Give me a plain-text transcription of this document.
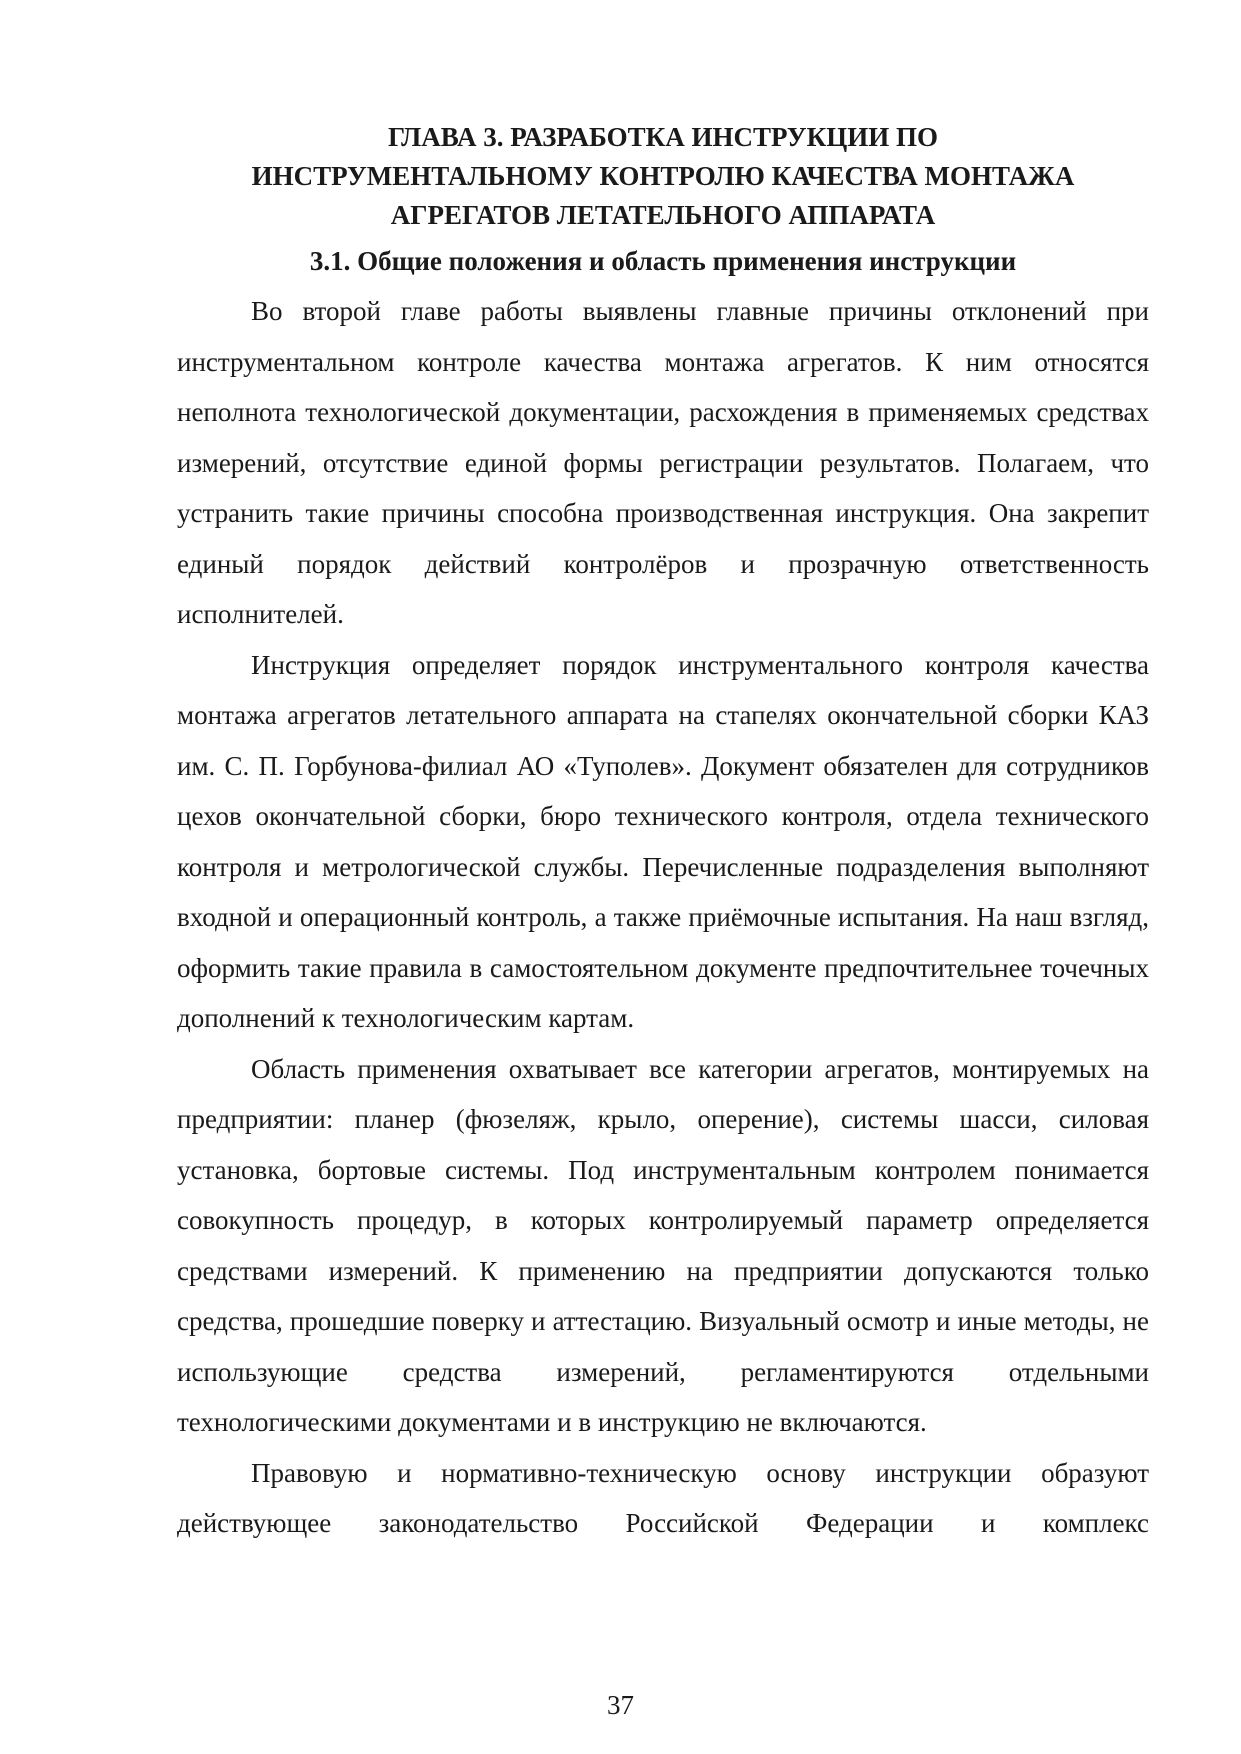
ГЛАВА 3. РАЗРАБОТКА ИНСТРУКЦИИ ПО
ИНСТРУМЕНТАЛЬНОМУ КОНТРОЛЮ КАЧЕСТВА МОНТАЖА
АГРЕГАТОВ ЛЕТАТЕЛЬНОГО АППАРАТА
3.1. Общие положения и область применения инструкции

Во второй главе работы выявлены главные причины отклонений при инструментальном контроле качества монтажа агрегатов. К ним относятся неполнота технологической документации, расхождения в применяемых средствах измерений, отсутствие единой формы регистрации результатов. Полагаем, что устранить такие причины способна производственная инструкция. Она закрепит единый порядок действий контролёров и прозрачную ответственность исполнителей.

Инструкция определяет порядок инструментального контроля качества монтажа агрегатов летательного аппарата на стапелях окончательной сборки КАЗ им. С. П. Горбунова-филиал АО «Туполев». Документ обязателен для сотрудников цехов окончательной сборки, бюро технического контроля, отдела технического контроля и метрологической службы. Перечисленные подразделения выполняют входной и операционный контроль, а также приёмочные испытания. На наш взгляд, оформить такие правила в самостоятельном документе предпочтительнее точечных дополнений к технологическим картам.

Область применения охватывает все категории агрегатов, монтируемых на предприятии: планер (фюзеляж, крыло, оперение), системы шасси, силовая установка, бортовые системы. Под инструментальным контролем понимается совокупность процедур, в которых контролируемый параметр определяется средствами измерений. К применению на предприятии допускаются только средства, прошедшие поверку и аттестацию. Визуальный осмотр и иные методы, не использующие средства измерений, регламентируются отдельными технологическими документами и в инструкцию не включаются.

Правовую и нормативно-техническую основу инструкции образуют действующее законодательство Российской Федерации и комплекс

37
